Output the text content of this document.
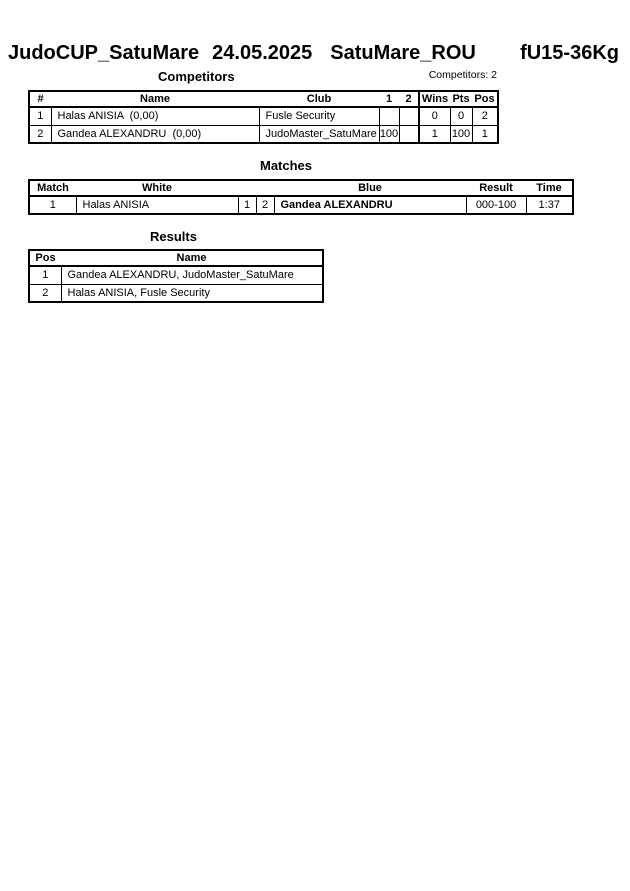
JudoCUP_SatuMare 24.05.2025 SatuMare_ROU fU15-36Kg
Competitors	Competitors: 2
#	Name	Club	1	2	Wins	Pts	Pos
1	Halas ANISIA  (0,00)	Fusle Security			0	0	2
2	Gandea ALEXANDRU  (0,00)	JudoMaster_SatuMare	100		1	100	1
Matches
Match	White			Blue	Result	Time
1	Halas ANISIA	1	2	Gandea ALEXANDRU	000-100	1:37
Results
Pos	Name
1	Gandea ALEXANDRU, JudoMaster_SatuMare
2	Halas ANISIA, Fusle Security
